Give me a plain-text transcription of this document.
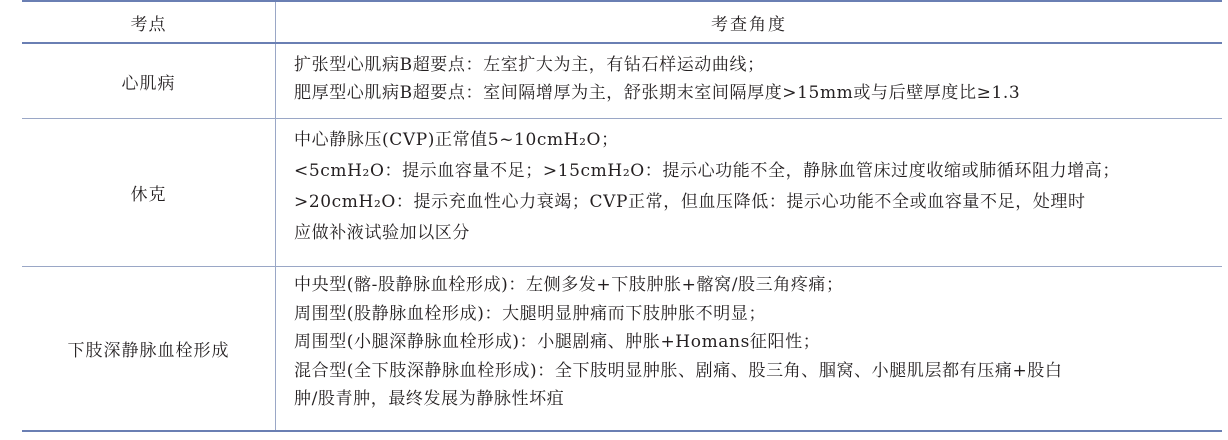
考点	考查角度
心肌病
扩张型心肌病B超要点：左室扩大为主，有钻石样运动曲线；
肥厚型心肌病B超要点：室间隔增厚为主，舒张期末室间隔厚度>15mm或与后壁厚度比≥1.3
休克
中心静脉压(CVP)正常值5~10cmH₂O；
<5cmH₂O：提示血容量不足；>15cmH₂O：提示心功能不全，静脉血管床过度收缩或肺循环阻力增高；
>20cmH₂O：提示充血性心力衰竭；CVP正常，但血压降低：提示心功能不全或血容量不足，处理时
应做补液试验加以区分
下肢深静脉血栓形成
中央型(髂-股静脉血栓形成)：左侧多发+下肢肿胀+髂窝/股三角疼痛；
周围型(股静脉血栓形成)：大腿明显肿痛而下肢肿胀不明显；
周围型(小腿深静脉血栓形成)：小腿剧痛、肿胀+Homans征阳性；
混合型(全下肢深静脉血栓形成)：全下肢明显肿胀、剧痛、股三角、腘窝、小腿肌层都有压痛+股白
肿/股青肿，最终发展为静脉性坏疽
